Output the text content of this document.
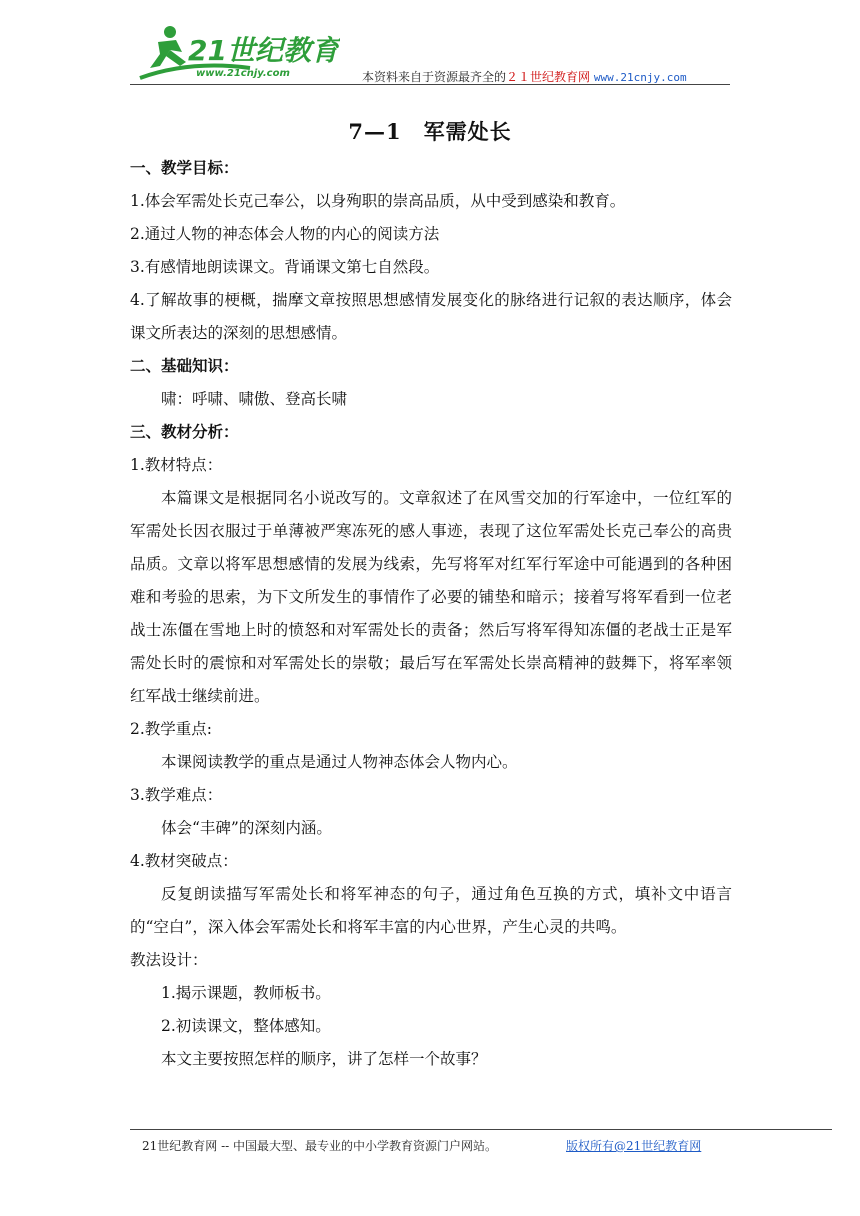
21世纪教育
www.21cnjy.com	本资料来自于资源最齐全的２１世纪教育网 www.21cnjy.com
7—1　军需处长

一、教学目标：

1.体会军需处长克己奉公，以身殉职的崇高品质，从中受到感染和教育。

2.通过人物的神态体会人物的内心的阅读方法

3.有感情地朗读课文。背诵课文第七自然段。

4.了解故事的梗概，揣摩文章按照思想感情发展变化的脉络进行记叙的表达顺序，体会课文所表达的深刻的思想感情。

二、基础知识：

啸：呼啸、啸傲、登高长啸

三、教材分析：

1.教材特点：

本篇课文是根据同名小说改写的。文章叙述了在风雪交加的行军途中，一位红军的军需处长因衣服过于单薄被严寒冻死的感人事迹，表现了这位军需处长克己奉公的高贵品质。文章以将军思想感情的发展为线索，先写将军对红军行军途中可能遇到的各种困难和考验的思索，为下文所发生的事情作了必要的铺垫和暗示；接着写将军看到一位老战士冻僵在雪地上时的愤怒和对军需处长的责备；然后写将军得知冻僵的老战士正是军需处长时的震惊和对军需处长的崇敬；最后写在军需处长崇高精神的鼓舞下，将军率领红军战士继续前进。

2.教学重点:

本课阅读教学的重点是通过人物神态体会人物内心。

3.教学难点：

体会“丰碑”的深刻内涵。

4.教材突破点：

反复朗读描写军需处长和将军神态的句子，通过角色互换的方式，填补文中语言的“空白”，深入体会军需处长和将军丰富的内心世界，产生心灵的共鸣。

教法设计：

1.揭示课题，教师板书。

2.初读课文，整体感知。

本文主要按照怎样的顺序，讲了怎样一个故事？

21世纪教育网 -- 中国最大型、最专业的中小学教育资源门户网站。	版权所有@21世纪教育网
